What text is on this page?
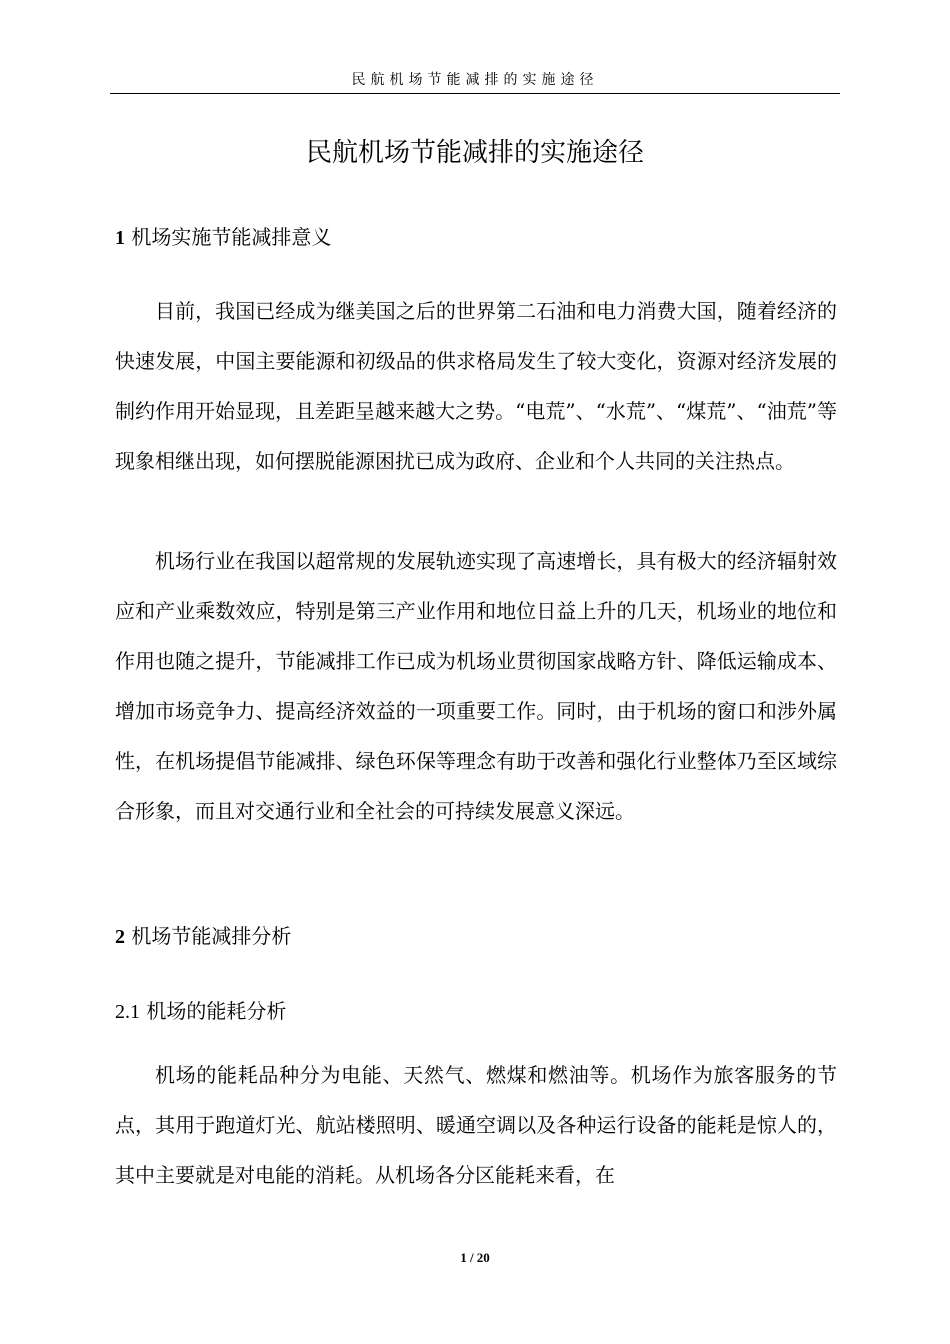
民航机场节能减排的实施途径
民航机场节能减排的实施途径
1 机场实施节能减排意义

目前，我国已经成为继美国之后的世界第二石油和电力消费大国，随着经济的快速发展，中国主要能源和初级品的供求格局发生了较大变化，资源对经济发展的制约作用开始显现，且差距呈越来越大之势。“电荒”、“水荒”、“煤荒”、“油荒”等现象相继出现，如何摆脱能源困扰已成为政府、企业和个人共同的关注热点。

机场行业在我国以超常规的发展轨迹实现了高速增长，具有极大的经济辐射效应和产业乘数效应，特别是第三产业作用和地位日益上升的几天，机场业的地位和作用也随之提升，节能减排工作已成为机场业贯彻国家战略方针、降低运输成本、增加市场竞争力、提高经济效益的一项重要工作。同时，由于机场的窗口和涉外属性，在机场提倡节能减排、绿色环保等理念有助于改善和强化行业整体乃至区域综合形象，而且对交通行业和全社会的可持续发展意义深远。

2 机场节能减排分析
2.1 机场的能耗分析

机场的能耗品种分为电能、天然气、燃煤和燃油等。机场作为旅客服务的节点，其用于跑道灯光、航站楼照明、暖通空调以及各种运行设备的能耗是惊人的，其中主要就是对电能的消耗。从机场各分区能耗来看，在

1 / 20
